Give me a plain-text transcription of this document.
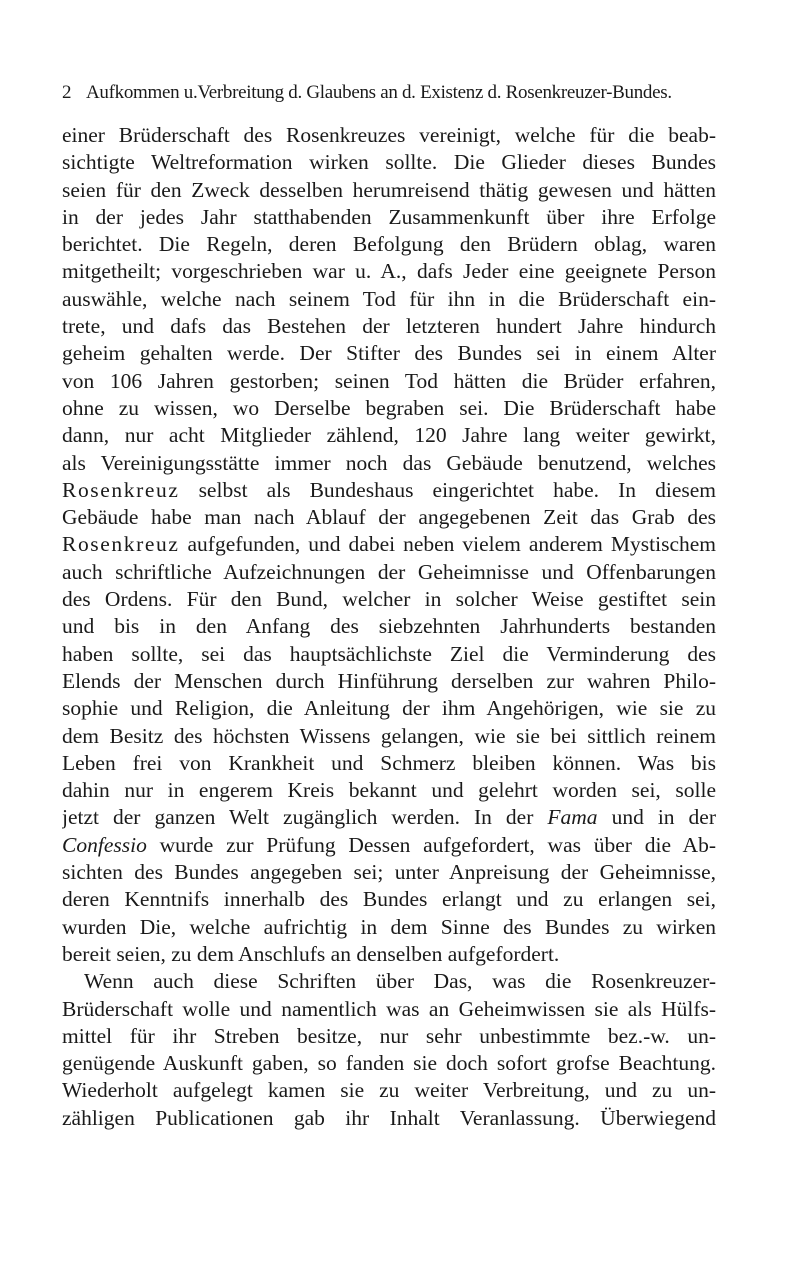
2 Aufkommen u.Verbreitung d. Glaubens an d. Existenz d. Rosenkreuzer-Bundes.
einer Brüderschaft des Rosenkreuzes vereinigt, welche für die beab-
sichtigte Weltreformation wirken sollte. Die Glieder dieses Bundes
seien für den Zweck desselben herumreisend thätig gewesen und hätten
in der jedes Jahr statthabenden Zusammenkunft über ihre Erfolge
berichtet. Die Regeln, deren Befolgung den Brüdern oblag, waren
mitgetheilt; vorgeschrieben war u. A., dafs Jeder eine geeignete Person
auswähle, welche nach seinem Tod für ihn in die Brüderschaft ein-
trete, und dafs das Bestehen der letzteren hundert Jahre hindurch
geheim gehalten werde. Der Stifter des Bundes sei in einem Alter
von 106 Jahren gestorben; seinen Tod hätten die Brüder erfahren,
ohne zu wissen, wo Derselbe begraben sei. Die Brüderschaft habe
dann, nur acht Mitglieder zählend, 120 Jahre lang weiter gewirkt,
als Vereinigungsstätte immer noch das Gebäude benutzend, welches
Rosenkreuz selbst als Bundeshaus eingerichtet habe. In diesem
Gebäude habe man nach Ablauf der angegebenen Zeit das Grab des
Rosenkreuz aufgefunden, und dabei neben vielem anderem Mystischem
auch schriftliche Aufzeichnungen der Geheimnisse und Offenbarungen
des Ordens. Für den Bund, welcher in solcher Weise gestiftet sein
und bis in den Anfang des siebzehnten Jahrhunderts bestanden
haben sollte, sei das hauptsächlichste Ziel die Verminderung des
Elends der Menschen durch Hinführung derselben zur wahren Philo-
sophie und Religion, die Anleitung der ihm Angehörigen, wie sie zu
dem Besitz des höchsten Wissens gelangen, wie sie bei sittlich reinem
Leben frei von Krankheit und Schmerz bleiben können. Was bis
dahin nur in engerem Kreis bekannt und gelehrt worden sei, solle
jetzt der ganzen Welt zugänglich werden. In der Fama und in der
Confessio wurde zur Prüfung Dessen aufgefordert, was über die Ab-
sichten des Bundes angegeben sei; unter Anpreisung der Geheimnisse,
deren Kenntnifs innerhalb des Bundes erlangt und zu erlangen sei,
wurden Die, welche aufrichtig in dem Sinne des Bundes zu wirken
bereit seien, zu dem Anschlufs an denselben aufgefordert.
Wenn auch diese Schriften über Das, was die Rosenkreuzer-
Brüderschaft wolle und namentlich was an Geheimwissen sie als Hülfs-
mittel für ihr Streben besitze, nur sehr unbestimmte bez.-w. un-
genügende Auskunft gaben, so fanden sie doch sofort grofse Beachtung.
Wiederholt aufgelegt kamen sie zu weiter Verbreitung, und zu un-
zähligen Publicationen gab ihr Inhalt Veranlassung. Überwiegend
